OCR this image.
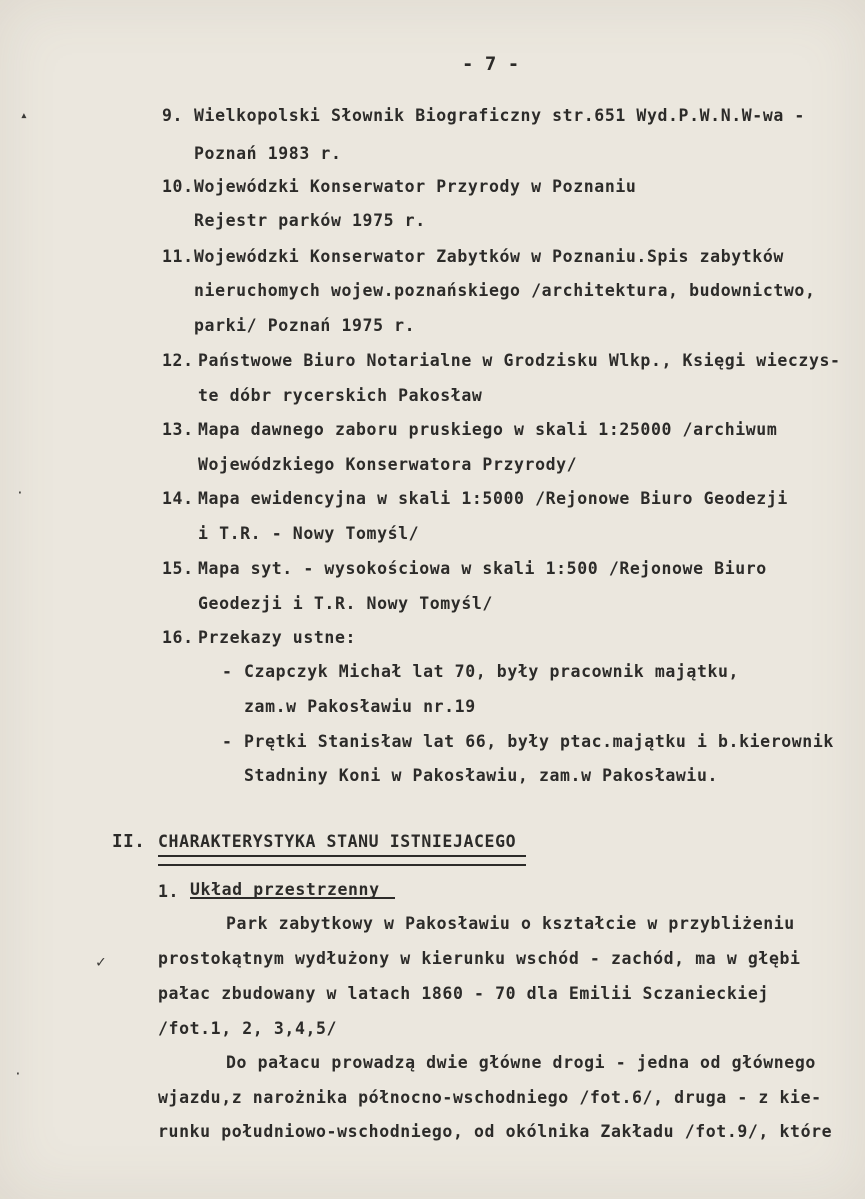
- 7 -
9. Wielkopolski Słownik Biograficzny str.651 Wyd.P.W.N.W-wa -
Poznań 1983 r.
10. Wojewódzki Konserwator Przyrody w Poznaniu
Rejestr parków 1975 r.
11. Wojewódzki Konserwator Zabytków w Poznaniu.Spis zabytków
nieruchomych wojew.poznańskiego /architektura, budownictwo,
parki/ Poznań 1975 r.
12. Państwowe Biuro Notarialne w Grodzisku Wlkp., Księgi wieczys-
te dóbr rycerskich Pakosław
13. Mapa dawnego zaboru pruskiego w skali 1:25000 /archiwum
Wojewódzkiego Konserwatora Przyrody/
14. Mapa ewidencyjna w skali 1:5000 /Rejonowe Biuro Geodezji
i T.R. - Nowy Tomyśl/
15. Mapa syt. - wysokościowa w skali 1:500 /Rejonowe Biuro
Geodezji i T.R. Nowy Tomyśl/
16. Przekazy ustne:
- Czapczyk Michał lat 70, były pracownik majątku,
zam.w Pakosławiu nr.19
- Prętki Stanisław lat 66, były ptac.majątku i b.kierownik
Stadniny Koni w Pakosławiu, zam.w Pakosławiu.
II. CHARAKTERYSTYKA STANU ISTNIEJACEGO
1. Układ przestrzenny
Park zabytkowy w Pakosławiu o kształcie w przybliżeniu
prostokątnym wydłużony w kierunku wschód - zachód, ma w głębi
pałac zbudowany w latach 1860 - 70 dla Emilii Sczanieckiej
/fot.1, 2, 3,4,5/
Do pałacu prowadzą dwie główne drogi - jedna od głównego
wjazdu,z narożnika północno-wschodniego /fot.6/, druga - z kie-
runku południowo-wschodniego, od okólnika Zakładu /fot.9/, które
▴
·
·
✓
